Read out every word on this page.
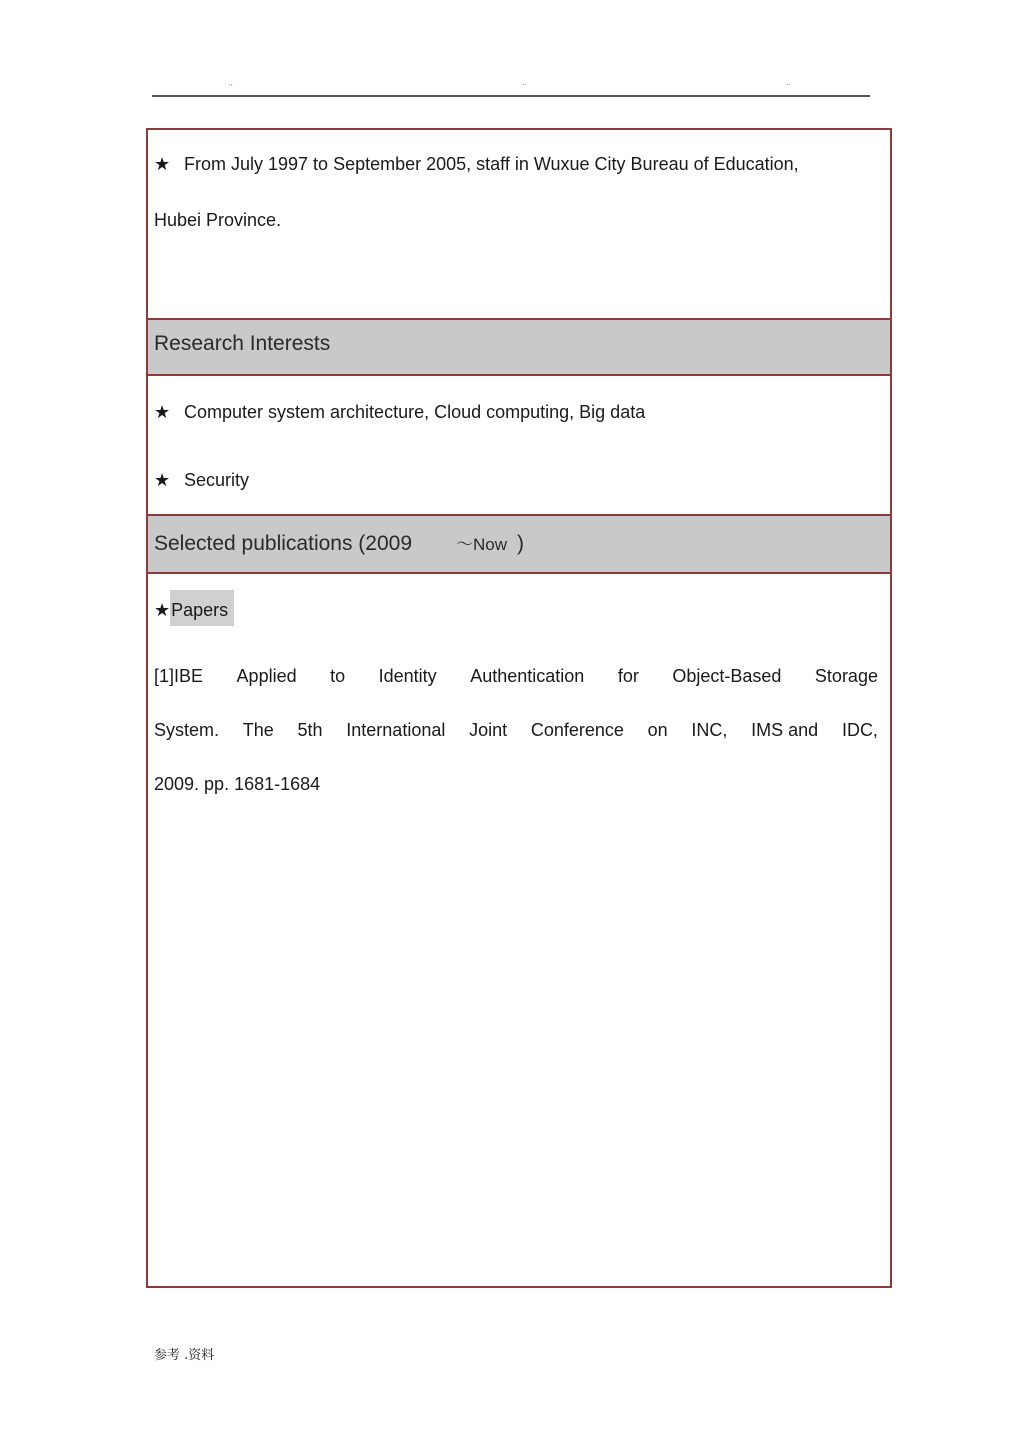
.,	..	..
★ From July 1997 to September 2005, staff in Wuxue City Bureau of Education,
Hubei Province.
Research Interests
★ Computer system architecture, Cloud computing, Big data
★ Security
Selected publications (2009	～Now )
★Papers
[1]IBE Applied to Identity Authentication for Object-Based Storage
System. The 5th International Joint Conference on INC, IMS and IDC,
2009. pp. 1681-1684
参考 .资料
